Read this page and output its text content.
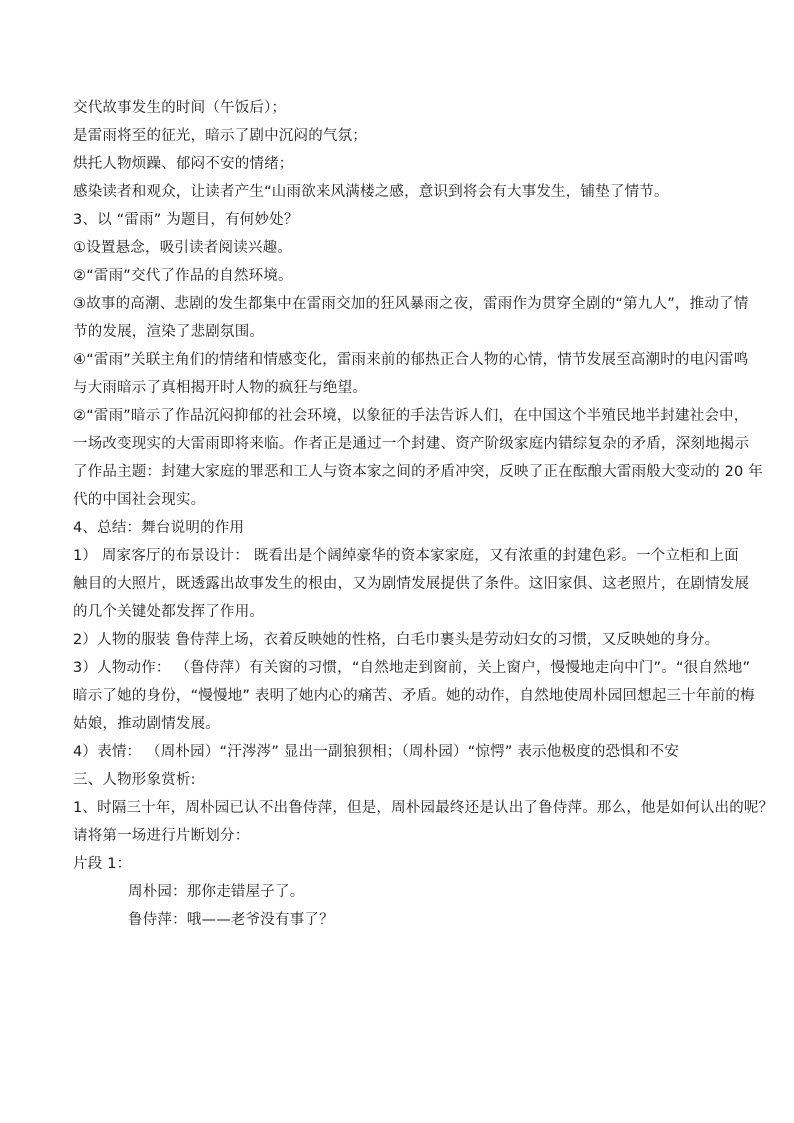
交代故事发生的时间（午饭后）；
是雷雨将至的征光，暗示了剧中沉闷的气氛；
烘托人物烦躁、郁闷不安的情绪；
感染读者和观众，让读者产生“山雨欲来风满楼之感，意识到将会有大事发生，铺垫了情节。
3、以 “雷雨” 为题目，有何妙处？
①设置悬念，吸引读者阅读兴趣。
②“雷雨”交代了作品的自然环境。
③故事的高潮、悲剧的发生都集中在雷雨交加的狂风暴雨之夜，雷雨作为贯穿全剧的“第九人”，推动了情
节的发展，渲染了悲剧氛围。
④“雷雨”关联主角们的情绪和情感变化，雷雨来前的郁热正合人物的心情，情节发展至高潮时的电闪雷鸣
与大雨暗示了真相揭开时人物的疯狂与绝望。
②“雷雨”暗示了作品沉闷抑郁的社会环境，以象征的手法告诉人们，在中国这个半殖民地半封建社会中，
一场改变现实的大雷雨即将来临。作者正是通过一个封建、资产阶级家庭内错综复杂的矛盾，深刻地揭示
了作品主题：封建大家庭的罪恶和工人与资本家之间的矛盾冲突，反映了正在酝酿大雷雨般大变动的 20 年
代的中国社会现实。
4、总结：舞台说明的作用
1） 周家客厅的布景设计： 既看出是个阔绰豪华的资本家家庭，又有浓重的封建色彩。一个立柜和上面
触目的大照片，既透露出故事发生的根由，又为剧情发展提供了条件。这旧家俱、这老照片，在剧情发展
的几个关键处都发挥了作用。
2）人物的服装 鲁侍萍上场，衣着反映她的性格，白毛巾裹头是劳动妇女的习惯，又反映她的身分。
3）人物动作： （鲁侍萍）有关窗的习惯，“自然地走到窗前，关上窗户，慢慢地走向中门”。“很自然地”
暗示了她的身份，“慢慢地” 表明了她内心的痛苦、矛盾。她的动作，自然地使周朴园回想起三十年前的梅
姑娘，推动剧情发展。
4）表情： （周朴园）“汗涔涔” 显出一副狼狈相；（周朴园）“惊愕” 表示他极度的恐惧和不安
三、人物形象赏析:
1、时隔三十年，周朴园已认不出鲁侍萍，但是，周朴园最终还是认出了鲁侍萍。那么，他是如何认出的呢？
请将第一场进行片断划分：
片段 1：
周朴园：那你走错屋子了。
鲁侍萍：哦——老爷没有事了？
